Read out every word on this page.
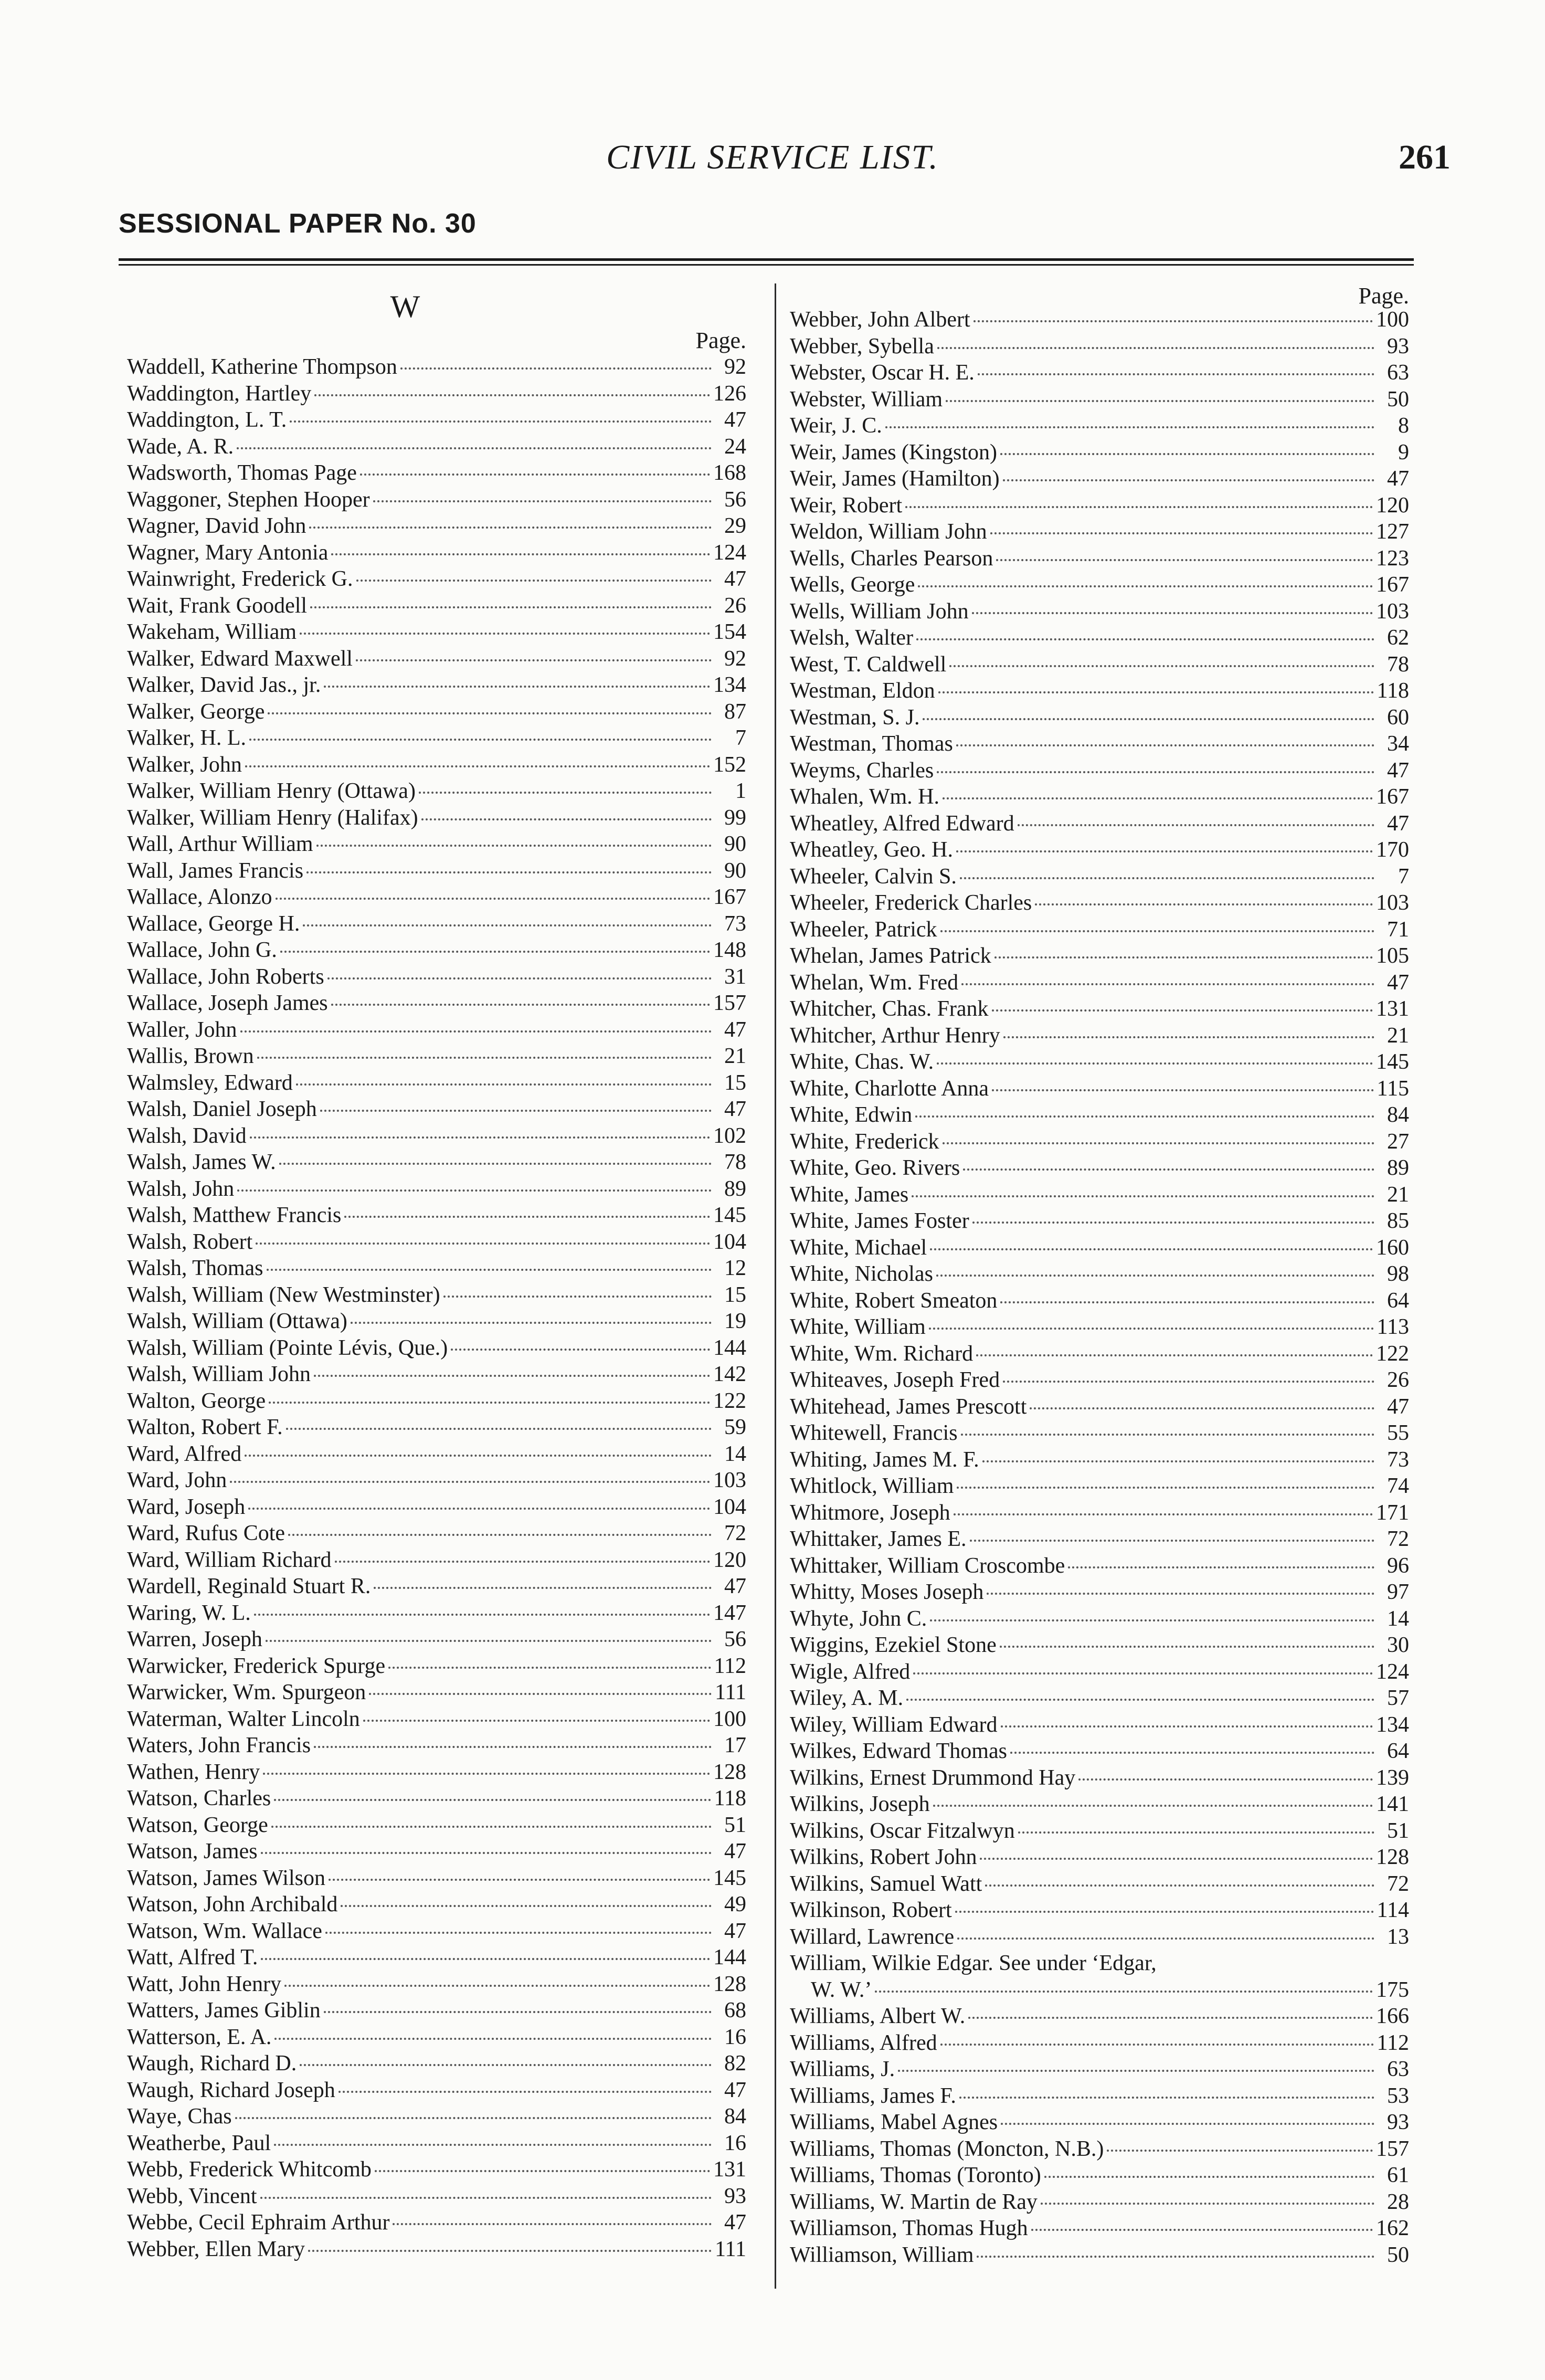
CIVIL SERVICE LIST.	261
SESSIONAL PAPER No. 30
W
Page.
Waddell, Katherine Thompson	92
Waddington, Hartley	126
Waddington, L. T.	47
Wade, A. R.	24
Wadsworth, Thomas Page	168
Waggoner, Stephen Hooper	56
Wagner, David John	29
Wagner, Mary Antonia	124
Wainwright, Frederick G.	47
Wait, Frank Goodell	26
Wakeham, William	154
Walker, Edward Maxwell	92
Walker, David Jas., jr.	134
Walker, George	87
Walker, H. L.	7
Walker, John	152
Walker, William Henry (Ottawa)	1
Walker, William Henry (Halifax)	99
Wall, Arthur William	90
Wall, James Francis	90
Wallace, Alonzo	167
Wallace, George H.	73
Wallace, John G.	148
Wallace, John Roberts	31
Wallace, Joseph James	157
Waller, John	47
Wallis, Brown	21
Walmsley, Edward	15
Walsh, Daniel Joseph	47
Walsh, David	102
Walsh, James W.	78
Walsh, John	89
Walsh, Matthew Francis	145
Walsh, Robert	104
Walsh, Thomas	12
Walsh, William (New Westminster)	15
Walsh, William (Ottawa)	19
Walsh, William (Pointe Lévis, Que.)	144
Walsh, William John	142
Walton, George	122
Walton, Robert F.	59
Ward, Alfred	14
Ward, John	103
Ward, Joseph	104
Ward, Rufus Cote	72
Ward, William Richard	120
Wardell, Reginald Stuart R.	47
Waring, W. L.	147
Warren, Joseph	56
Warwicker, Frederick Spurge	112
Warwicker, Wm. Spurgeon	111
Waterman, Walter Lincoln	100
Waters, John Francis	17
Wathen, Henry	128
Watson, Charles	118
Watson, George	51
Watson, James	47
Watson, James Wilson	145
Watson, John Archibald	49
Watson, Wm. Wallace	47
Watt, Alfred T.	144
Watt, John Henry	128
Watters, James Giblin	68
Watterson, E. A.	16
Waugh, Richard D.	82
Waugh, Richard Joseph	47
Waye, Chas	84
Weatherbe, Paul	16
Webb, Frederick Whitcomb	131
Webb, Vincent	93
Webbe, Cecil Ephraim Arthur	47
Webber, Ellen Mary	111
Page.
Webber, John Albert	100
Webber, Sybella	93
Webster, Oscar H. E.	63
Webster, William	50
Weir, J. C.	8
Weir, James (Kingston)	9
Weir, James (Hamilton)	47
Weir, Robert	120
Weldon, William John	127
Wells, Charles Pearson	123
Wells, George	167
Wells, William John	103
Welsh, Walter	62
West, T. Caldwell	78
Westman, Eldon	118
Westman, S. J.	60
Westman, Thomas	34
Weyms, Charles	47
Whalen, Wm. H.	167
Wheatley, Alfred Edward	47
Wheatley, Geo. H.	170
Wheeler, Calvin S.	7
Wheeler, Frederick Charles	103
Wheeler, Patrick	71
Whelan, James Patrick	105
Whelan, Wm. Fred	47
Whitcher, Chas. Frank	131
Whitcher, Arthur Henry	21
White, Chas. W.	145
White, Charlotte Anna	115
White, Edwin	84
White, Frederick	27
White, Geo. Rivers	89
White, James	21
White, James Foster	85
White, Michael	160
White, Nicholas	98
White, Robert Smeaton	64
White, William	113
White, Wm. Richard	122
Whiteaves, Joseph Fred	26
Whitehead, James Prescott	47
Whitewell, Francis	55
Whiting, James M. F.	73
Whitlock, William	74
Whitmore, Joseph	171
Whittaker, James E.	72
Whittaker, William Croscombe	96
Whitty, Moses Joseph	97
Whyte, John C.	14
Wiggins, Ezekiel Stone	30
Wigle, Alfred	124
Wiley, A. M.	57
Wiley, William Edward	134
Wilkes, Edward Thomas	64
Wilkins, Ernest Drummond Hay	139
Wilkins, Joseph	141
Wilkins, Oscar Fitzalwyn	51
Wilkins, Robert John	128
Wilkins, Samuel Watt	72
Wilkinson, Robert	114
Willard, Lawrence	13
William, Wilkie Edgar. See under ‘Edgar,
W. W.’	175
Williams, Albert W.	166
Williams, Alfred	112
Williams, J.	63
Williams, James F.	53
Williams, Mabel Agnes	93
Williams, Thomas (Moncton, N.B.)	157
Williams, Thomas (Toronto)	61
Williams, W. Martin de Ray	28
Williamson, Thomas Hugh	162
Williamson, William	50
